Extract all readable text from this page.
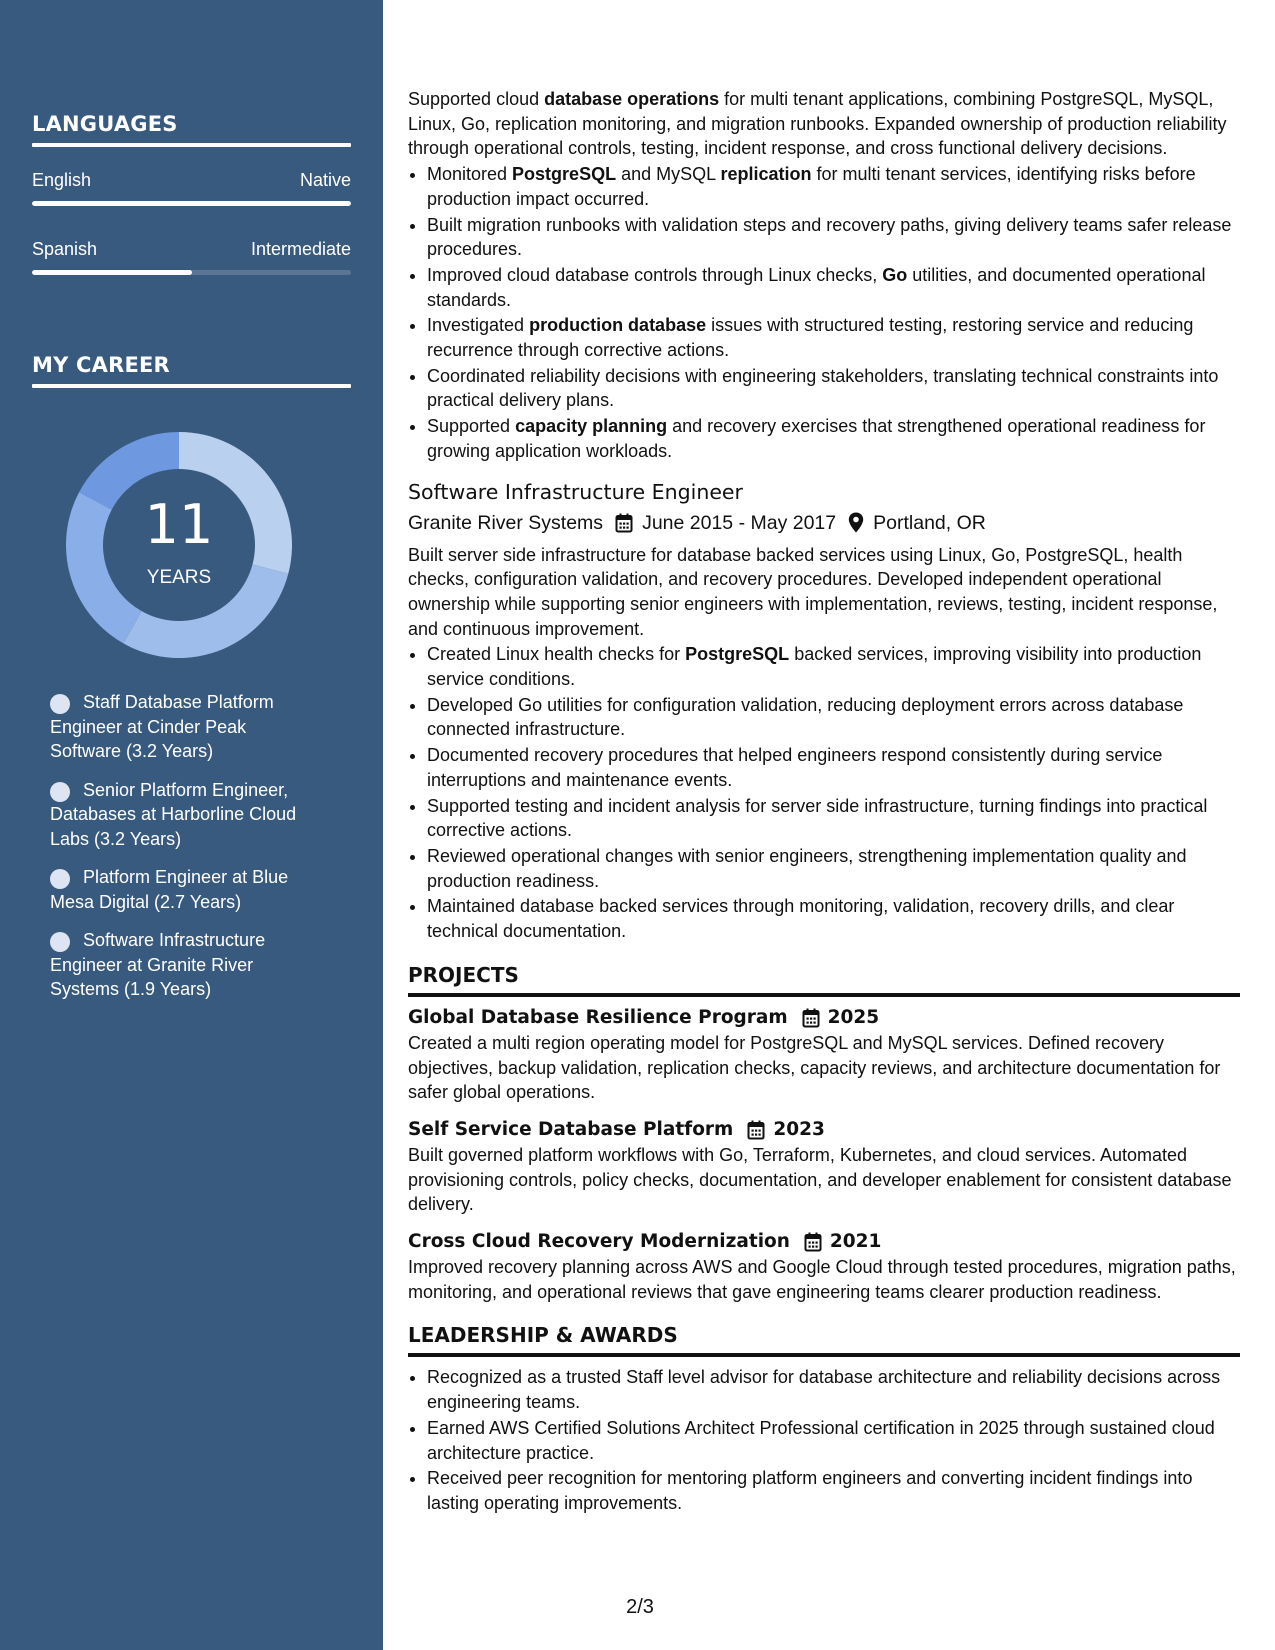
LANGUAGES
English	Native
Spanish	Intermediate
MY CAREER
11
YEARS
Staff Database Platform Engineer at Cinder Peak Software (3.2 Years)
Senior Platform Engineer, Databases at Harborline Cloud Labs (3.2 Years)
Platform Engineer at Blue Mesa Digital (2.7 Years)
Software Infrastructure Engineer at Granite River Systems (1.9 Years)

Supported cloud database operations for multi tenant applications, combining PostgreSQL, MySQL, Linux, Go, replication monitoring, and migration runbooks. Expanded ownership of production reliability through operational controls, testing, incident response, and cross functional delivery decisions.

• Monitored PostgreSQL and MySQL replication for multi tenant services, identifying risks before production impact occurred.
• Built migration runbooks with validation steps and recovery paths, giving delivery teams safer release procedures.
• Improved cloud database controls through Linux checks, Go utilities, and documented operational standards.
• Investigated production database issues with structured testing, restoring service and reducing recurrence through corrective actions.
• Coordinated reliability decisions with engineering stakeholders, translating technical constraints into practical delivery plans.
• Supported capacity planning and recovery exercises that strengthened operational readiness for growing application workloads.
Software Infrastructure Engineer
Granite River Systems June 2015 - May 2017 Portland, OR

Built server side infrastructure for database backed services using Linux, Go, PostgreSQL, health checks, configuration validation, and recovery procedures. Developed independent operational ownership while supporting senior engineers with implementation, reviews, testing, incident response, and continuous improvement.

• Created Linux health checks for PostgreSQL backed services, improving visibility into production service conditions.
• Developed Go utilities for configuration validation, reducing deployment errors across database connected infrastructure.
• Documented recovery procedures that helped engineers respond consistently during service interruptions and maintenance events.
• Supported testing and incident analysis for server side infrastructure, turning findings into practical corrective actions.
• Reviewed operational changes with senior engineers, strengthening implementation quality and production readiness.
• Maintained database backed services through monitoring, validation, recovery drills, and clear technical documentation.
PROJECTS
Global Database Resilience Program 2025

Created a multi region operating model for PostgreSQL and MySQL services. Defined recovery objectives, backup validation, replication checks, capacity reviews, and architecture documentation for safer global operations.

Self Service Database Platform 2023

Built governed platform workflows with Go, Terraform, Kubernetes, and cloud services. Automated provisioning controls, policy checks, documentation, and developer enablement for consistent database delivery.

Cross Cloud Recovery Modernization 2021

Improved recovery planning across AWS and Google Cloud through tested procedures, migration paths, monitoring, and operational reviews that gave engineering teams clearer production readiness.

LEADERSHIP & AWARDS
• Recognized as a trusted Staff level advisor for database architecture and reliability decisions across engineering teams.
• Earned AWS Certified Solutions Architect Professional certification in 2025 through sustained cloud architecture practice.
• Received peer recognition for mentoring platform engineers and converting incident findings into lasting operating improvements.
2/3
